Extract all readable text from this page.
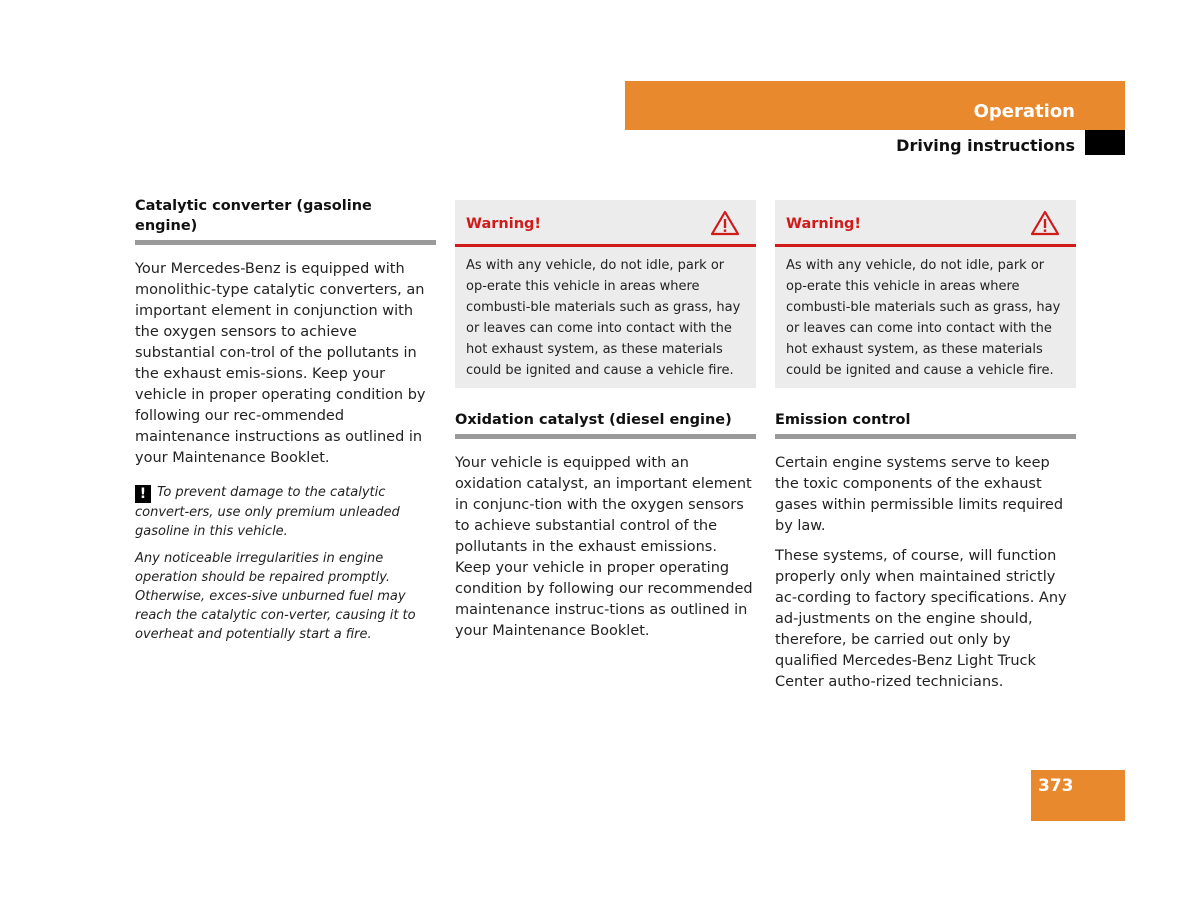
Operation
Driving instructions
Catalytic converter (gasoline engine)

Your Mercedes-Benz is equipped with monolithic-type catalytic converters, an important element in conjunction with the oxygen sensors to achieve substantial con-trol of the pollutants in the exhaust emis-sions. Keep your vehicle in proper operating condition by following our rec-ommended maintenance instructions as outlined in your Maintenance Booklet.

! To prevent damage to the catalytic convert-ers, use only premium unleaded gasoline in this vehicle.

Any noticeable irregularities in engine operation should be repaired promptly. Otherwise, exces-sive unburned fuel may reach the catalytic con-verter, causing it to overheat and potentially start a fire.

Warning!
As with any vehicle, do not idle, park or op-erate this vehicle in areas where combusti-ble materials such as grass, hay or leaves can come into contact with the hot exhaust system, as these materials could be ignited and cause a vehicle fire.
Oxidation catalyst (diesel engine)

Your vehicle is equipped with an oxidation catalyst, an important element in conjunc-tion with the oxygen sensors to achieve substantial control of the pollutants in the exhaust emissions. Keep your vehicle in proper operating condition by following our recommended maintenance instruc-tions as outlined in your Maintenance Booklet.

Warning!
As with any vehicle, do not idle, park or op-erate this vehicle in areas where combusti-ble materials such as grass, hay or leaves can come into contact with the hot exhaust system, as these materials could be ignited and cause a vehicle fire.
Emission control

Certain engine systems serve to keep the toxic components of the exhaust gases within permissible limits required by law.

These systems, of course, will function properly only when maintained strictly ac-cording to factory specifications. Any ad-justments on the engine should, therefore, be carried out only by qualified Mercedes-Benz Light Truck Center autho-rized technicians.

373
